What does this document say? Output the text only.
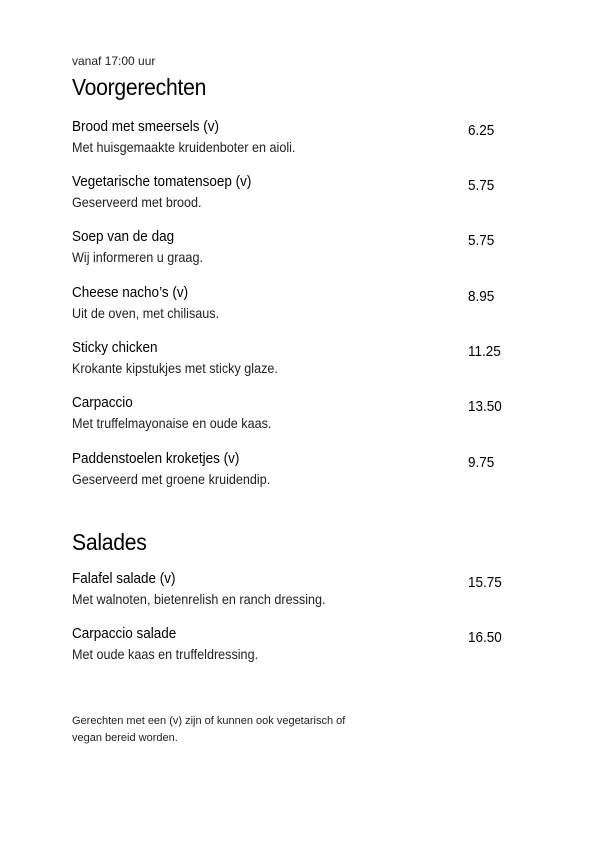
vanaf 17:00 uur
Voorgerechten
Brood met smeersels (v)
Met huisgemaakte kruidenboter en aioli.
6.25
Vegetarische tomatensoep (v)
Geserveerd met brood.
5.75
Soep van de dag
Wij informeren u graag.
5.75
Cheese nacho’s (v)
Uit de oven, met chilisaus.
8.95
Sticky chicken
Krokante kipstukjes met sticky glaze.
11.25
Carpaccio
Met truffelmayonaise en oude kaas.
13.50
Paddenstoelen kroketjes (v)
Geserveerd met groene kruidendip.
9.75
Salades
Falafel salade (v)
Met walnoten, bietenrelish en ranch dressing.
15.75
Carpaccio salade
Met oude kaas en truffeldressing.
16.50
Gerechten met een (v) zijn of kunnen ook vegetarisch of vegan bereid worden.
